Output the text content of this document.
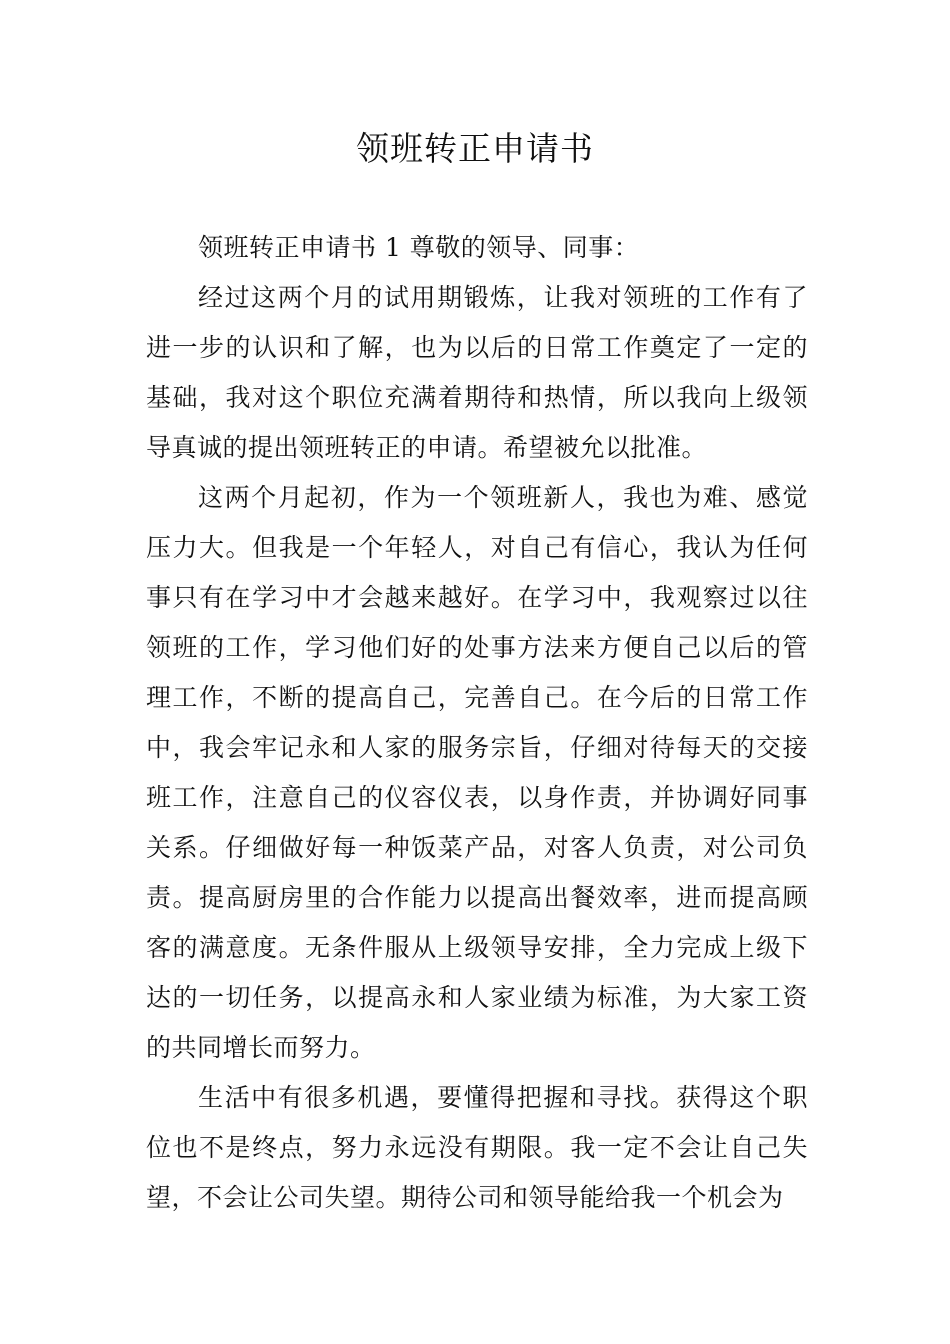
领班转正申请书

领班转正申请书 1 尊敬的领导、同事：

经过这两个月的试用期锻炼，让我对领班的工作有了进一步的认识和了解，也为以后的日常工作奠定了一定的基础，我对这个职位充满着期待和热情，所以我向上级领导真诚的提出领班转正的申请。希望被允以批准。

这两个月起初，作为一个领班新人，我也为难、感觉压力大。但我是一个年轻人，对自己有信心，我认为任何事只有在学习中才会越来越好。在学习中，我观察过以往领班的工作，学习他们好的处事方法来方便自己以后的管理工作，不断的提高自己，完善自己。在今后的日常工作中，我会牢记永和人家的服务宗旨，仔细对待每天的交接班工作，注意自己的仪容仪表，以身作责，并协调好同事关系。仔细做好每一种饭菜产品，对客人负责，对公司负责。提高厨房里的合作能力以提高出餐效率，进而提高顾客的满意度。无条件服从上级领导安排，全力完成上级下达的一切任务，以提高永和人家业绩为标准，为大家工资的共同增长而努力。

生活中有很多机遇，要懂得把握和寻找。获得这个职位也不是终点，努力永远没有期限。我一定不会让自己失望，不会让公司失望。期待公司和领导能给我一个机会为
